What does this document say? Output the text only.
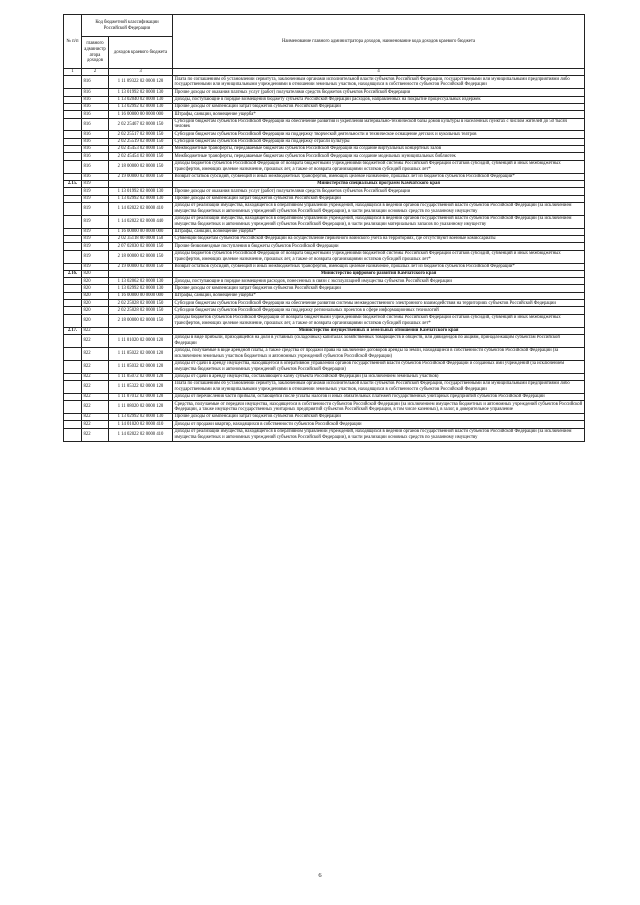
№ п/п	Код бюджетной классификации Российской Федерации		Наименование главного администратора доходов, наименование кода доходов краевого бюджета
	главного администратора доходов	доходов краевого бюджета	
1	2	3	4
	816	1 11 09322 02 0000 120	Плата по соглашениям об установлении сервитута, заключенным органами исполнительной власти субъектов Российской Федерации, государственными или муниципальными предприятиями либо государственными или муниципальными учреждениями в отношении земельных участков, находящихся в собственности субъектов Российской Федерации
	816	1 13 01992 02 0000 130	Прочие доходы от оказания платных услуг (работ) получателями средств бюджетов субъектов Российской Федерации
	816	1 13 02040 02 0000 130	Доходы, поступающие в порядке возмещения бюджету субъекта Российской Федерации расходов, направленных на покрытие процессуальных издержек
	816	1 13 02992 02 0000 130	Прочие доходы от компенсации затрат бюджетов субъектов Российской Федерации
	816	1 16 00000 00 0000 000	Штрафы, санкции, возмещение ущерба*
	816	2 02 25467 02 0000 150	Субсидии бюджетам субъектов Российской Федерации на обеспечение развития и укрепления материально-технической базы домов культуры в населенных пунктах с числом жителей до 50 тысяч человек
	816	2 02 25517 02 0000 150	Субсидии бюджетам субъектов Российской Федерации на поддержку творческой деятельности и техническое оснащение детских и кукольных театров
	816	2 02 25519 02 0000 150	Субсидии бюджетам субъектов Российской Федерации на поддержку отрасли культуры
	816	2 02 45453 02 0000 150	Межбюджетные трансферты, передаваемые бюджетам субъектов Российской Федерации на создание виртуальных концертных залов
	816	2 02 45454 02 0000 150	Межбюджетные трансферты, передаваемые бюджетам субъектов Российской Федерации на создание модельных муниципальных библиотек
	816	2 18 00000 02 0000 150	Доходы бюджетов субъектов Российской Федерации от возврата бюджетными учреждениями бюджетной системы Российской Федерации остатков субсидий, субвенций и иных межбюджетных трансфертов, имеющих целевое назначение, прошлых лет, а также от возврата организациями остатков субсидий прошлых лет*
	816	2 19 00000 02 0000 150	Возврат остатков субсидий, субвенций и иных межбюджетных трансфертов, имеющих целевое назначение, прошлых лет из бюджетов субъектов Российской Федерации*
2.15.	819		Министерство специальных программ Камчатского края
	819	1 13 01992 02 0000 130	Прочие доходы от оказания платных услуг (работ) получателями средств бюджетов субъектов Российской Федерации
	819	1 13 02992 02 0000 130	Прочие доходы от компенсации затрат бюджетов субъектов Российской Федерации
	819	1 14 02022 02 0000 410	Доходы от реализации имущества, находящегося в оперативном управлении учреждений, находящихся в ведении органов государственной власти субъектов Российской Федерации (за исключением имущества бюджетных и автономных учреждений субъектов Российской Федерации), в части реализации основных средств по указанному имуществу
	819	1 14 02022 02 0000 440	Доходы от реализации имущества, находящегося в оперативном управлении учреждений, находящихся в ведении органов государственной власти субъектов Российской Федерации (за исключением имущества бюджетных и автономных учреждений субъектов Российской Федерации), в части реализации материальных запасов по указанному имуществу
	819	1 16 00000 00 0000 000	Штрафы, санкции, возмещение ущерба*
	819	2 02 35118 00 0000 150	Субвенции бюджетам субъектов Российской Федерации на осуществление первичного воинского учета на территориях, где отсутствуют военные комиссариаты
	819	2 07 02030 02 0000 150	Прочие безвозмездные поступления в бюджеты субъектов Российской Федерации
	819	2 18 00000 02 0000 150	Доходы бюджетов субъектов Российской Федерации от возврата бюджетными учреждениями бюджетной системы Российской Федерации остатков субсидий, субвенций и иных межбюджетных трансфертов, имеющих целевое назначение, прошлых лет, а также от возврата организациями остатков субсидий прошлых лет*
	819	2 19 00000 02 0000 150	Возврат остатков субсидий, субвенций и иных межбюджетных трансфертов, имеющих целевое назначение, прошлых лет из бюджетов субъектов Российской Федерации*
2.16.	820		Министерство цифрового развития Камчатского края
	820	1 13 02062 02 0000 130	Доходы, поступающие в порядке возмещения расходов, понесенных в связи с эксплуатацией имущества субъектов Российской Федерации
	820	1 13 02992 02 0000 130	Прочие доходы от компенсации затрат бюджетов субъектов Российской Федерации
	820	1 16 00000 00 0000 000	Штрафы, санкции, возмещение ущерба*
	820	2 02 25028 02 0000 150	Субсидии бюджетам субъектов Российской Федерации на обеспечение развития системы межведомственного электронного взаимодействия на территориях субъектов Российской Федерации
	820	2 02 25028 02 0000 150	Субсидии бюджетам субъектов Российской Федерации на поддержку региональных проектов в сфере информационных технологий
	820	2 18 00000 02 0000 150	Доходы бюджетов субъектов Российской Федерации от возврата бюджетными учреждениями бюджетной системы Российской Федерации остатков субсидий, субвенций и иных межбюджетных трансфертов, имеющих целевое назначение, прошлых лет, а также от возврата организациями остатков субсидий прошлых лет*
2.17.	822		Министерство имущественных и земельных отношений Камчатского края
	822	1 11 01020 02 0000 120	Доходы в виде прибыли, приходящейся на доли в уставных (складочных) капиталах хозяйственных товариществ и обществ, или дивидендов по акциям, принадлежащим субъектам Российской Федерации
	822	1 11 05022 02 0000 120	Доходы, получаемые в виде арендной платы, а также средства от продажи права на заключение договоров аренды за земли, находящиеся в собственности субъектов Российской Федерации (за исключением земельных участков бюджетных и автономных учреждений субъектов Российской Федерации)
	822	1 11 05032 02 0000 120	Доходы от сдачи в аренду имущества, находящегося в оперативном управлении органов государственной власти субъектов Российской Федерации и созданных ими учреждений (за исключением имущества бюджетных и автономных учреждений субъектов Российской Федерации)
	822	1 11 05072 02 0000 120	Доходы от сдачи в аренду имущества, составляющего казну субъекта Российской Федерации (за исключением земельных участков)
	822	1 11 05322 02 0000 120	Плата по соглашениям об установлении сервитута, заключенным органами исполнительной власти субъектов Российской Федерации, государственными или муниципальными предприятиями либо государственными или муниципальными учреждениями в отношении земельных участков, находящихся в собственности субъектов Российской Федерации
	822	1 11 07012 02 0000 120	Доходы от перечисления части прибыли, остающейся после уплаты налогов и иных обязательных платежей государственных унитарных предприятий субъектов Российской Федерации
	822	1 11 08020 02 0000 120	Средства, получаемые от передачи имущества, находящегося в собственности субъектов Российской Федерации (за исключением имущества бюджетных и автономных учреждений субъектов Российской Федерации, а также имущества государственных унитарных предприятий субъектов Российской Федерации, в том числе казенных), в залог, в доверительное управление
	822	1 13 02992 02 0000 130	Прочие доходы от компенсации затрат бюджетов субъектов Российской Федерации
	822	1 14 01020 02 0000 410	Доходы от продажи квартир, находящихся в собственности субъектов Российской Федерации
	822	1 14 02022 02 0000 410	Доходы от реализации имущества, находящегося в оперативном управлении учреждений, находящихся в ведении органов государственной власти субъектов Российской Федерации (за исключением имущества бюджетных и автономных учреждений субъектов Российской Федерации), в части реализации основных средств по указанному имуществу
6
